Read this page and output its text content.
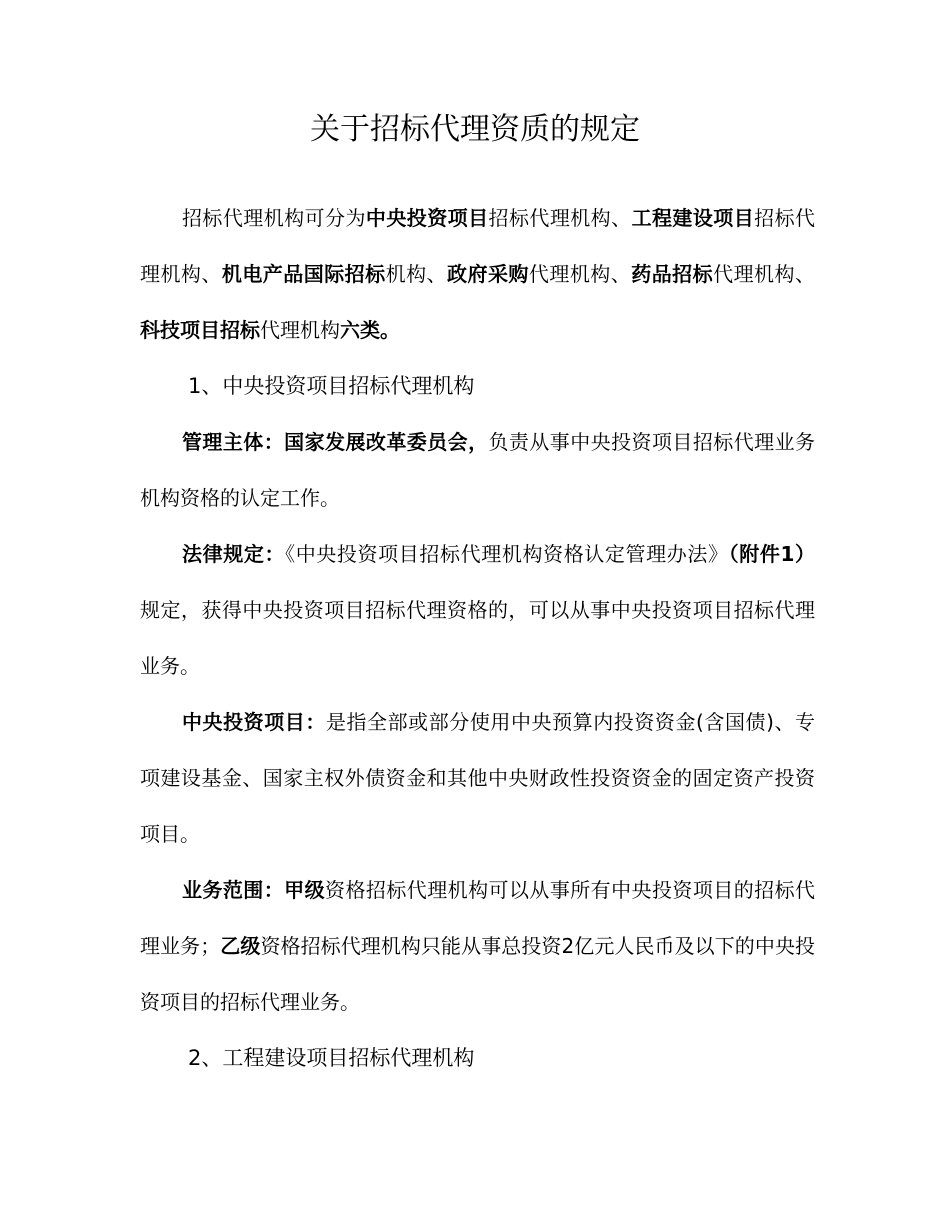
关于招标代理资质的规定

招标代理机构可分为中央投资项目招标代理机构、工程建设项目招标代理机构、机电产品国际招标机构、政府采购代理机构、药品招标代理机构、科技项目招标代理机构六类。

1、中央投资项目招标代理机构

管理主体：国家发展改革委员会，负责从事中央投资项目招标代理业务机构资格的认定工作。

法律规定：《中央投资项目招标代理机构资格认定管理办法》（附件1）规定，获得中央投资项目招标代理资格的，可以从事中央投资项目招标代理业务。

中央投资项目：是指全部或部分使用中央预算内投资资金(含国债)、专项建设基金、国家主权外债资金和其他中央财政性投资资金的固定资产投资项目。

业务范围：甲级资格招标代理机构可以从事所有中央投资项目的招标代理业务；乙级资格招标代理机构只能从事总投资2亿元人民币及以下的中央投资项目的招标代理业务。

2、工程建设项目招标代理机构
